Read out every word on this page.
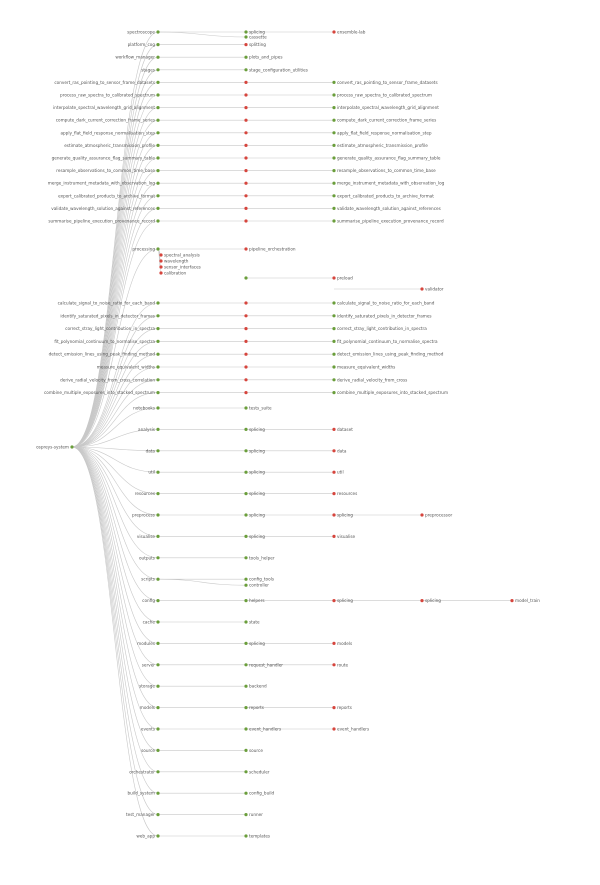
ospreys-system
spectroscope	splicing
cassette
ensemble-lab
platform_cog	splitting
workflow_manager	plots_and_pipes
stages	stage_configuration_utilities
convert_ras_pointing_to_sensor_frame_datasets	convert_ras_pointing_to_sensor_frame_datasets
process_raw_spectra_to_calibrated_spectrum	process_raw_spectra_to_calibrated_spectrum
interpolate_spectral_wavelength_grid_alignment	interpolate_spectral_wavelength_grid_alignment
compute_dark_current_correction_frame_series	compute_dark_current_correction_frame_series
apply_flat_field_response_normalisation_step	apply_flat_field_response_normalisation_step
estimate_atmospheric_transmission_profile	estimate_atmospheric_transmission_profile
generate_quality_assurance_flag_summary_table	generate_quality_assurance_flag_summary_table
resample_observations_to_common_time_base	resample_observations_to_common_time_base
merge_instrument_metadata_with_observation_log	merge_instrument_metadata_with_observation_log
export_calibrated_products_to_archive_format	export_calibrated_products_to_archive_format
validate_wavelength_solution_against_references	validate_wavelength_solution_against_references
summarise_pipeline_execution_provenance_record	summarise_pipeline_execution_provenance_record
processing	pipeline_orchestration
spectral_analysis
wavelength
sensor_interfaces
calibration
preload
validator
calculate_signal_to_noise_ratio_for_each_band	calculate_signal_to_noise_ratio_for_each_band
identify_saturated_pixels_in_detector_frames	identify_saturated_pixels_in_detector_frames
correct_stray_light_contribution_in_spectra	correct_stray_light_contribution_in_spectra
fit_polynomial_continuum_to_normalise_spectra	fit_polynomial_continuum_to_normalise_spectra
detect_emission_lines_using_peak_finding_method	detect_emission_lines_using_peak_finding_method
measure_equivalent_widths	measure_equivalent_widths
derive_radial_velocity_from_cross_correlation	derive_radial_velocity_from_cross
combine_multiple_exposures_into_stacked_spectrum	combine_multiple_exposures_into_stacked_spectrum
notebooks	tests_suite
analysis	splicing	dataset
data	splicing	data
util	splicing	util
resources	splicing	resources
preprocess	splicing	splicing	preprocessor
visualise	splicing	visualise
outputs	tools_helper
scripts	config_tools
controller
config	helpers	splicing	splicing	model_train
cache	state
modules	splicing	models
server	request_handler	route
storage	backend
models	reports	reports
events	event_handlers	event_handlers
source	source
orchestrator	scheduler
build_system	config_build
test_manager	runner
web_app	templates
